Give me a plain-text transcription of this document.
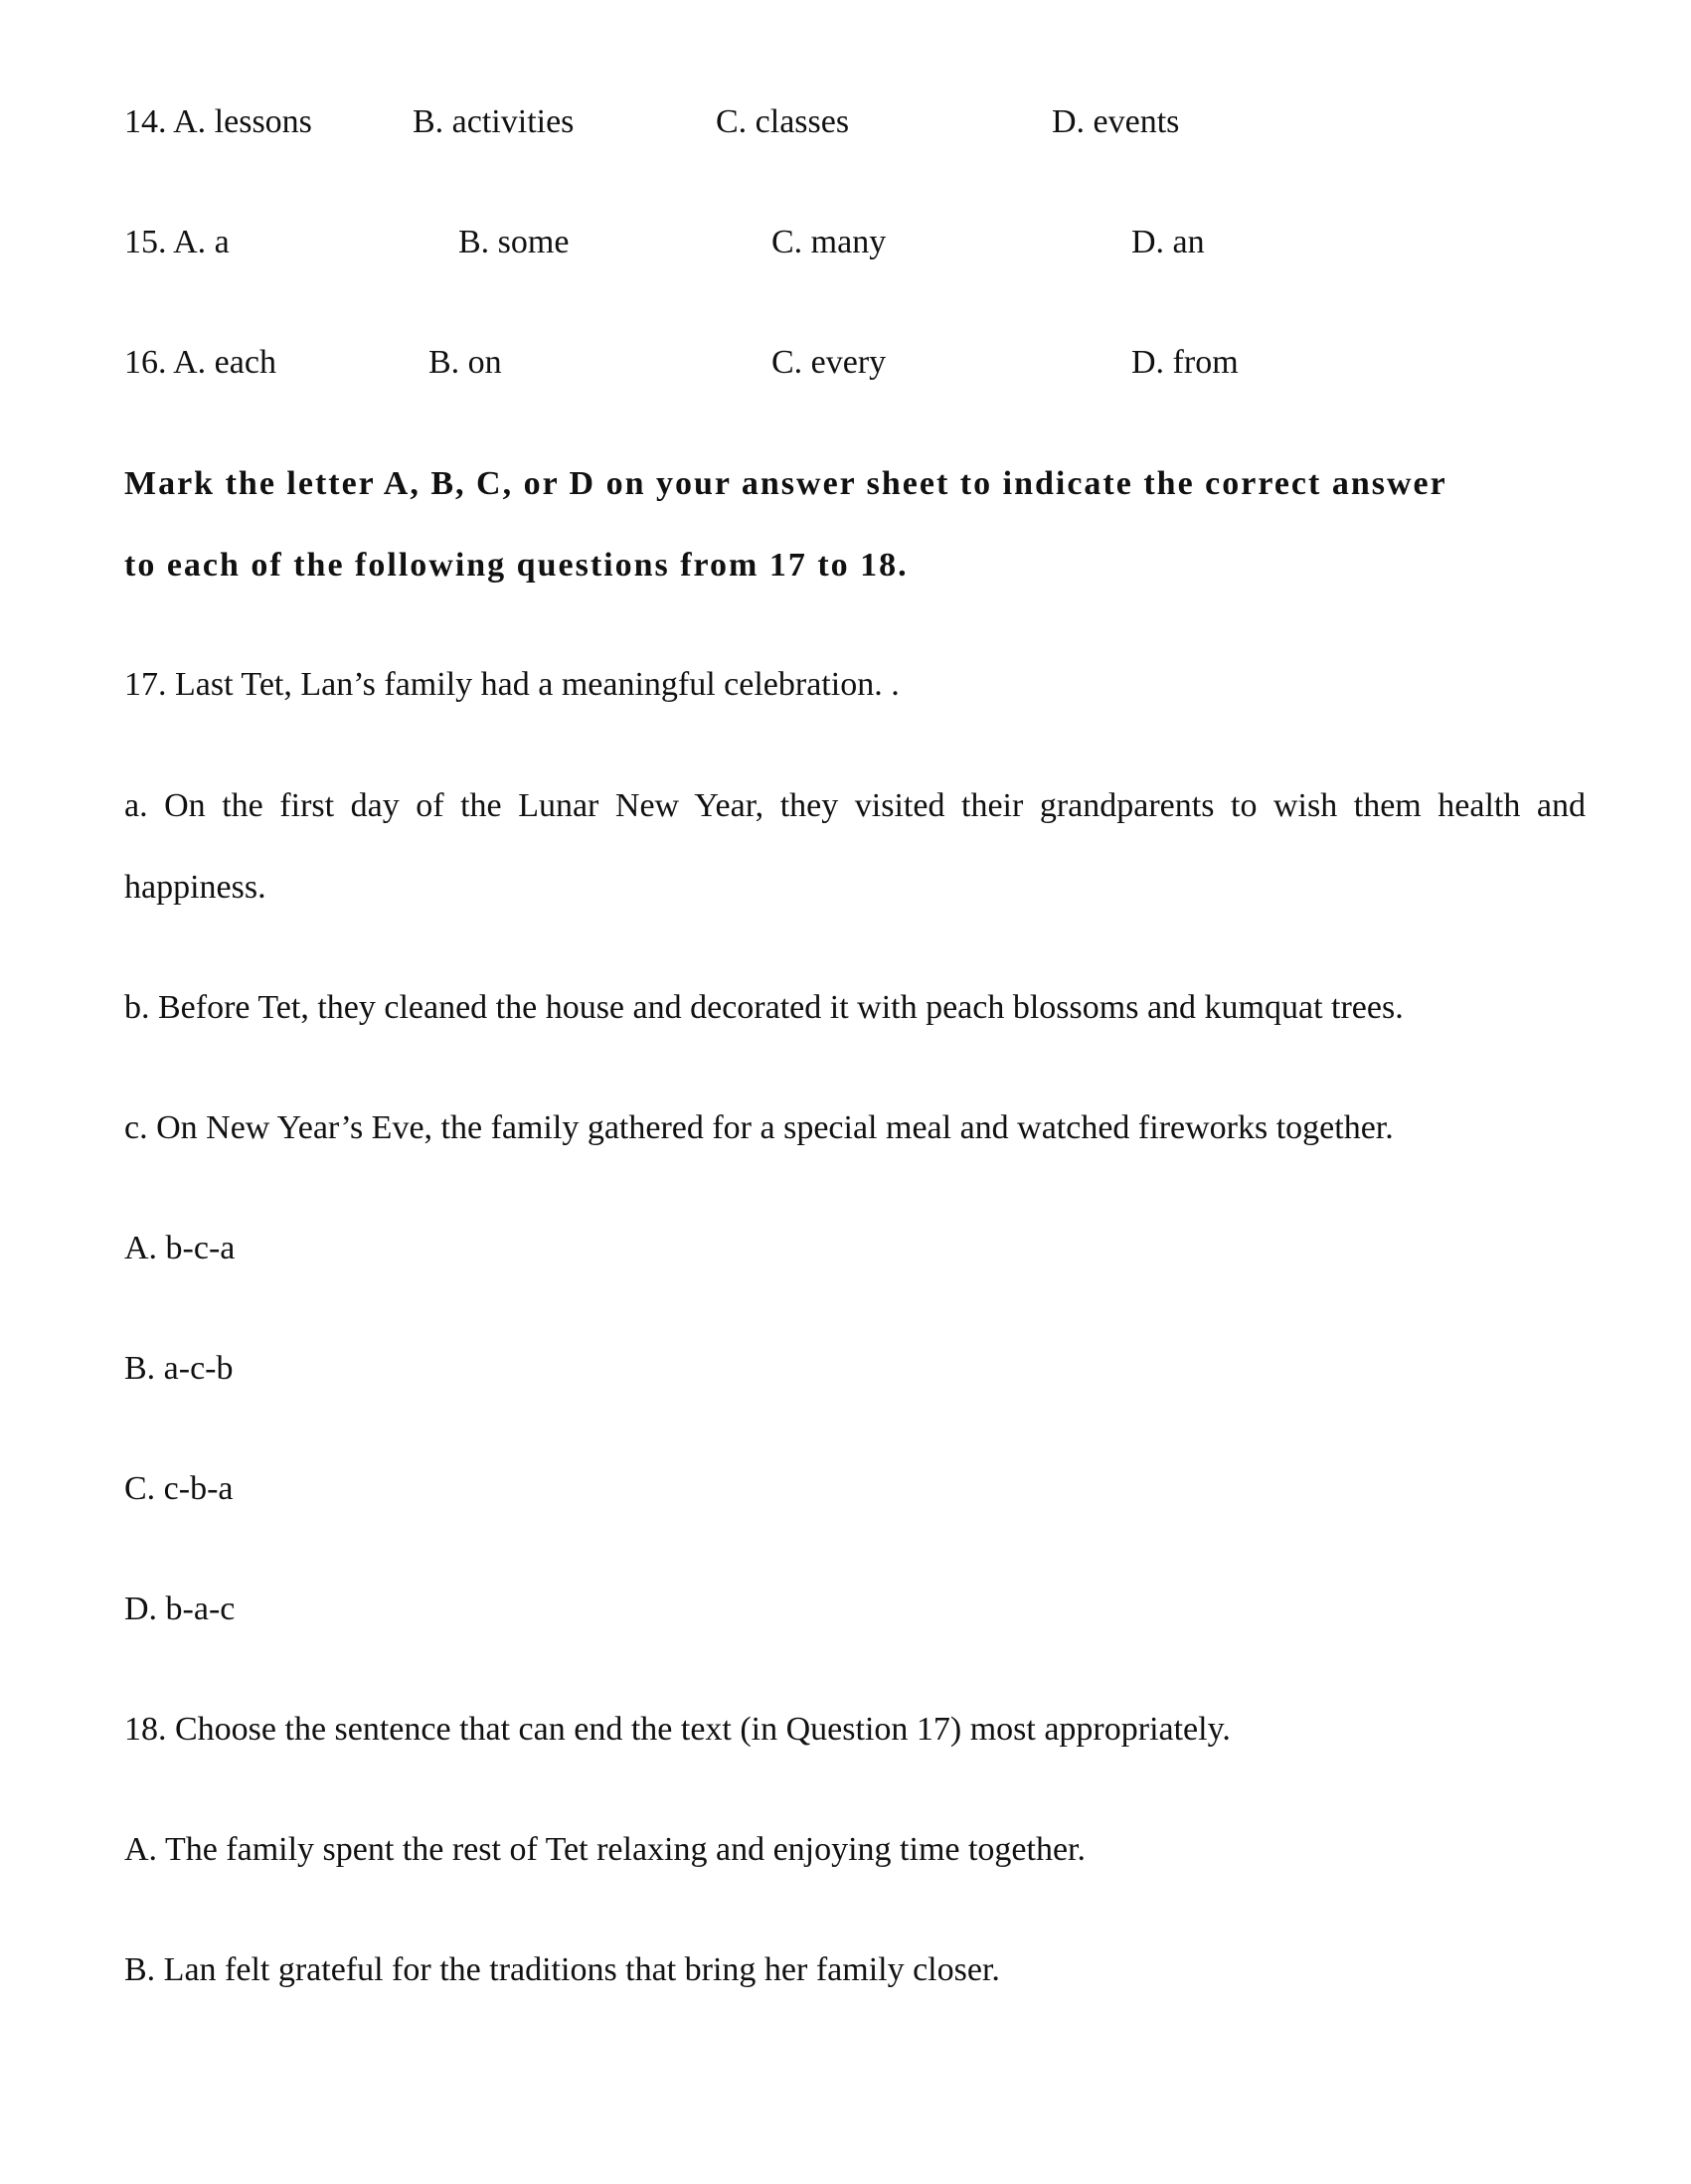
14. A. lessons	B. activities	C. classes	D. events
15. A. a	B. some	C. many	D. an
16. A. each	B. on	C. every	D. from
Mark the letter A, B, C, or D on your answer sheet to indicate the correct answer
to each of the following questions from 17 to 18.
17. Last Tet, Lan’s family had a meaningful celebration. .
a. On the first day of the Lunar New Year, they visited their grandparents to wish them health and happiness.
b. Before Tet, they cleaned the house and decorated it with peach blossoms and kumquat trees.
c. On New Year’s Eve, the family gathered for a special meal and watched fireworks together.
A. b-c-a
B. a-c-b
C. c-b-a
D. b-a-c
18. Choose the sentence that can end the text (in Question 17) most appropriately.
A. The family spent the rest of Tet relaxing and enjoying time together.
B. Lan felt grateful for the traditions that bring her family closer.
